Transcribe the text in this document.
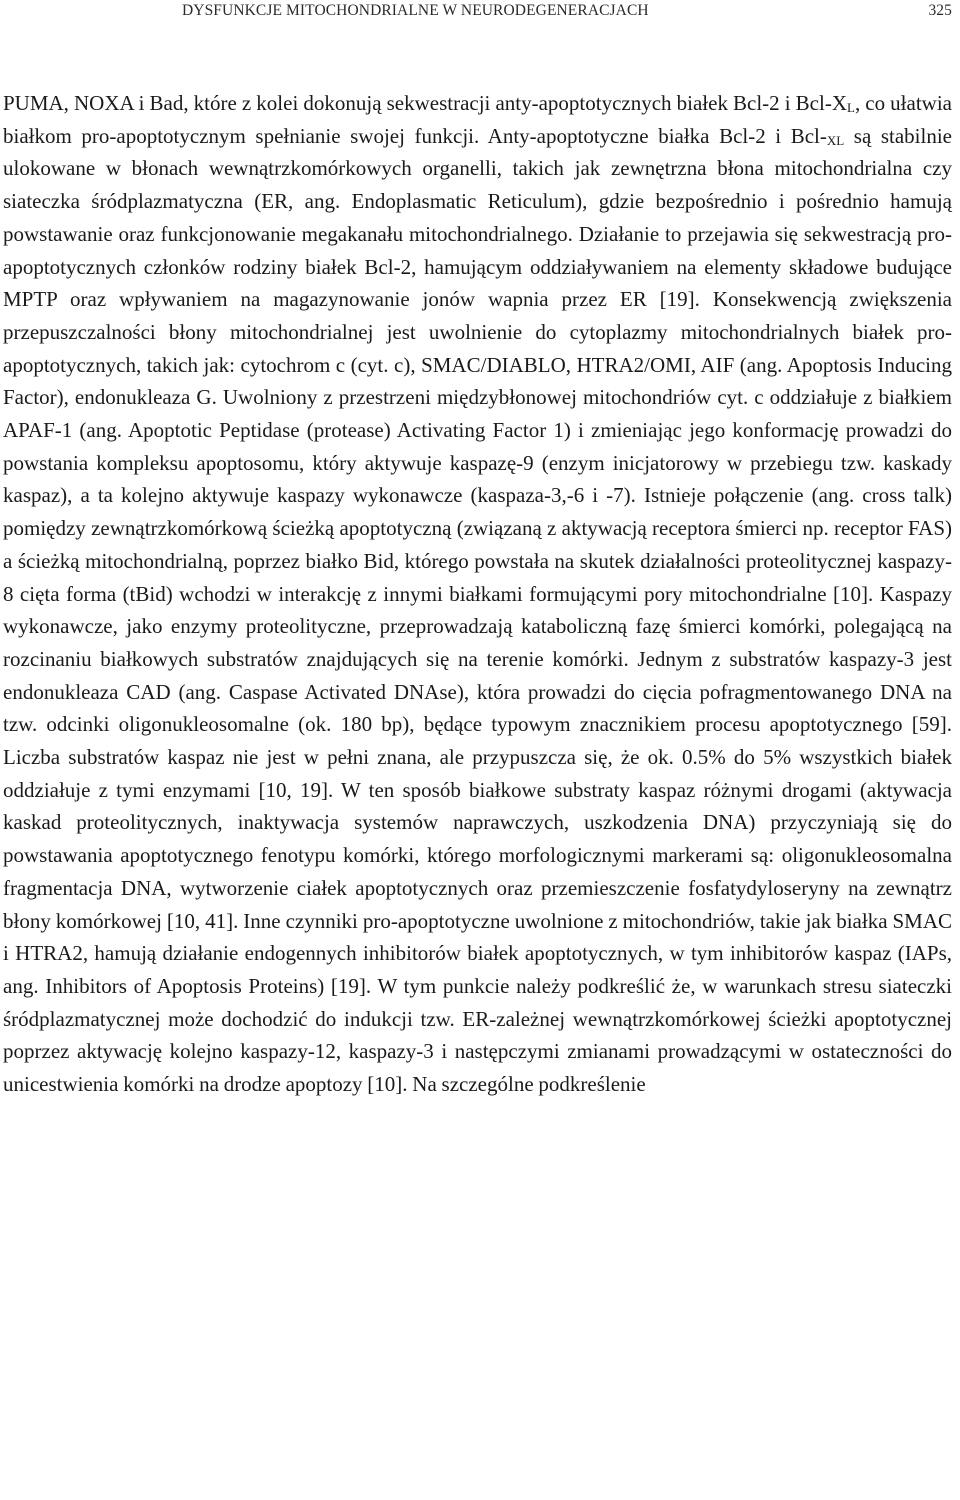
DYSFUNKCJE MITOCHONDRIALNE W NEURODEGENERACJACH	325

PUMA, NOXA i Bad, które z kolei dokonują sekwestracji anty-apoptotycznych białek Bcl-2 i Bcl-$X_L$, co ułatwia białkom pro-apoptotycznym spełnianie swojej funkcji. Anty-apoptotyczne białka Bcl-2 i Bcl-$_{XL}$ są stabilnie ulokowane w błonach wewnątrzkomórkowych organelli, takich jak zewnętrzna błona mitochondrialna czy siateczka śródplazmatyczna (ER, ang. Endoplasmatic Reticulum), gdzie bezpośrednio i pośrednio hamują powstawanie oraz funkcjonowanie megakanału mitochondrialnego. Działanie to przejawia się sekwestracją pro-apoptotycznych członków rodziny białek Bcl-2, hamującym oddziaływaniem na elementy składowe budujące MPTP oraz wpływaniem na magazynowanie jonów wapnia przez ER [19]. Konsekwencją zwiększenia przepuszczalności błony mitochondrialnej jest uwolnienie do cytoplazmy mitochondrialnych białek pro-apoptotycznych, takich jak: cytochrom c (cyt. c), SMAC/DIABLO, HTRA2/OMI, AIF (ang. Apoptosis Inducing Factor), endonukleaza G. Uwolniony z przestrzeni międzybłonowej mitochondriów cyt. c oddziałuje z białkiem APAF-1 (ang. Apoptotic Peptidase (protease) Activating Factor 1) i zmieniając jego konformację prowadzi do powstania kompleksu apoptosomu, który aktywuje kaspazę-9 (enzym inicjatorowy w przebiegu tzw. kaskady kaspaz), a ta kolejno aktywuje kaspazy wykonawcze (kaspaza-3,-6 i -7). Istnieje połączenie (ang. cross talk) pomiędzy zewnątrzkomórkową ścieżką apoptotyczną (związaną z aktywacją receptora śmierci np. receptor FAS) a ścieżką mitochondrialną, poprzez białko Bid, którego powstała na skutek działalności proteolitycznej kaspazy-8 cięta forma (tBid) wchodzi w interakcję z innymi białkami formującymi pory mitochondrialne [10]. Kaspazy wykonawcze, jako enzymy proteolityczne, przeprowadzają kataboliczną fazę śmierci komórki, polegającą na rozcinaniu białkowych substratów znajdujących się na terenie komórki. Jednym z substratów kaspazy-3 jest endonukleaza CAD (ang. Caspase Activated DNAse), która prowadzi do cięcia pofragmentowanego DNA na tzw. odcinki oligonukleosomalne (ok. 180 bp), będące typowym znacznikiem procesu apoptotycznego [59]. Liczba substratów kaspaz nie jest w pełni znana, ale przypuszcza się, że ok. 0.5% do 5% wszystkich białek oddziałuje z tymi enzymami [10, 19]. W ten sposób białkowe substraty kaspaz różnymi drogami (aktywacja kaskad proteolitycznych, inaktywacja systemów naprawczych, uszkodzenia DNA) przyczyniają się do powstawania apoptotycznego fenotypu komórki, którego morfologicznymi markerami są: oligonukleosomalna fragmentacja DNA, wytworzenie ciałek apoptotycznych oraz przemieszczenie fosfatydyloseryny na zewnątrz błony komórkowej [10, 41]. Inne czynniki pro-apoptotyczne uwolnione z mitochondriów, takie jak białka SMAC i HTRA2, hamują działanie endogennych inhibitorów białek apoptotycznych, w tym inhibitorów kaspaz (IAPs, ang. Inhibitors of Apoptosis Proteins) [19]. W tym punkcie należy podkreślić że, w warunkach stresu siateczki śródplazmatycznej może dochodzić do indukcji tzw. ER-zależnej wewnątrzkomórkowej ścieżki apoptotycznej poprzez aktywację kolejno kaspazy-12, kaspazy-3 i następczymi zmianami prowadzącymi w ostateczności do unicestwienia komórki na drodze apoptozy [10]. Na szczególne podkreślenie
